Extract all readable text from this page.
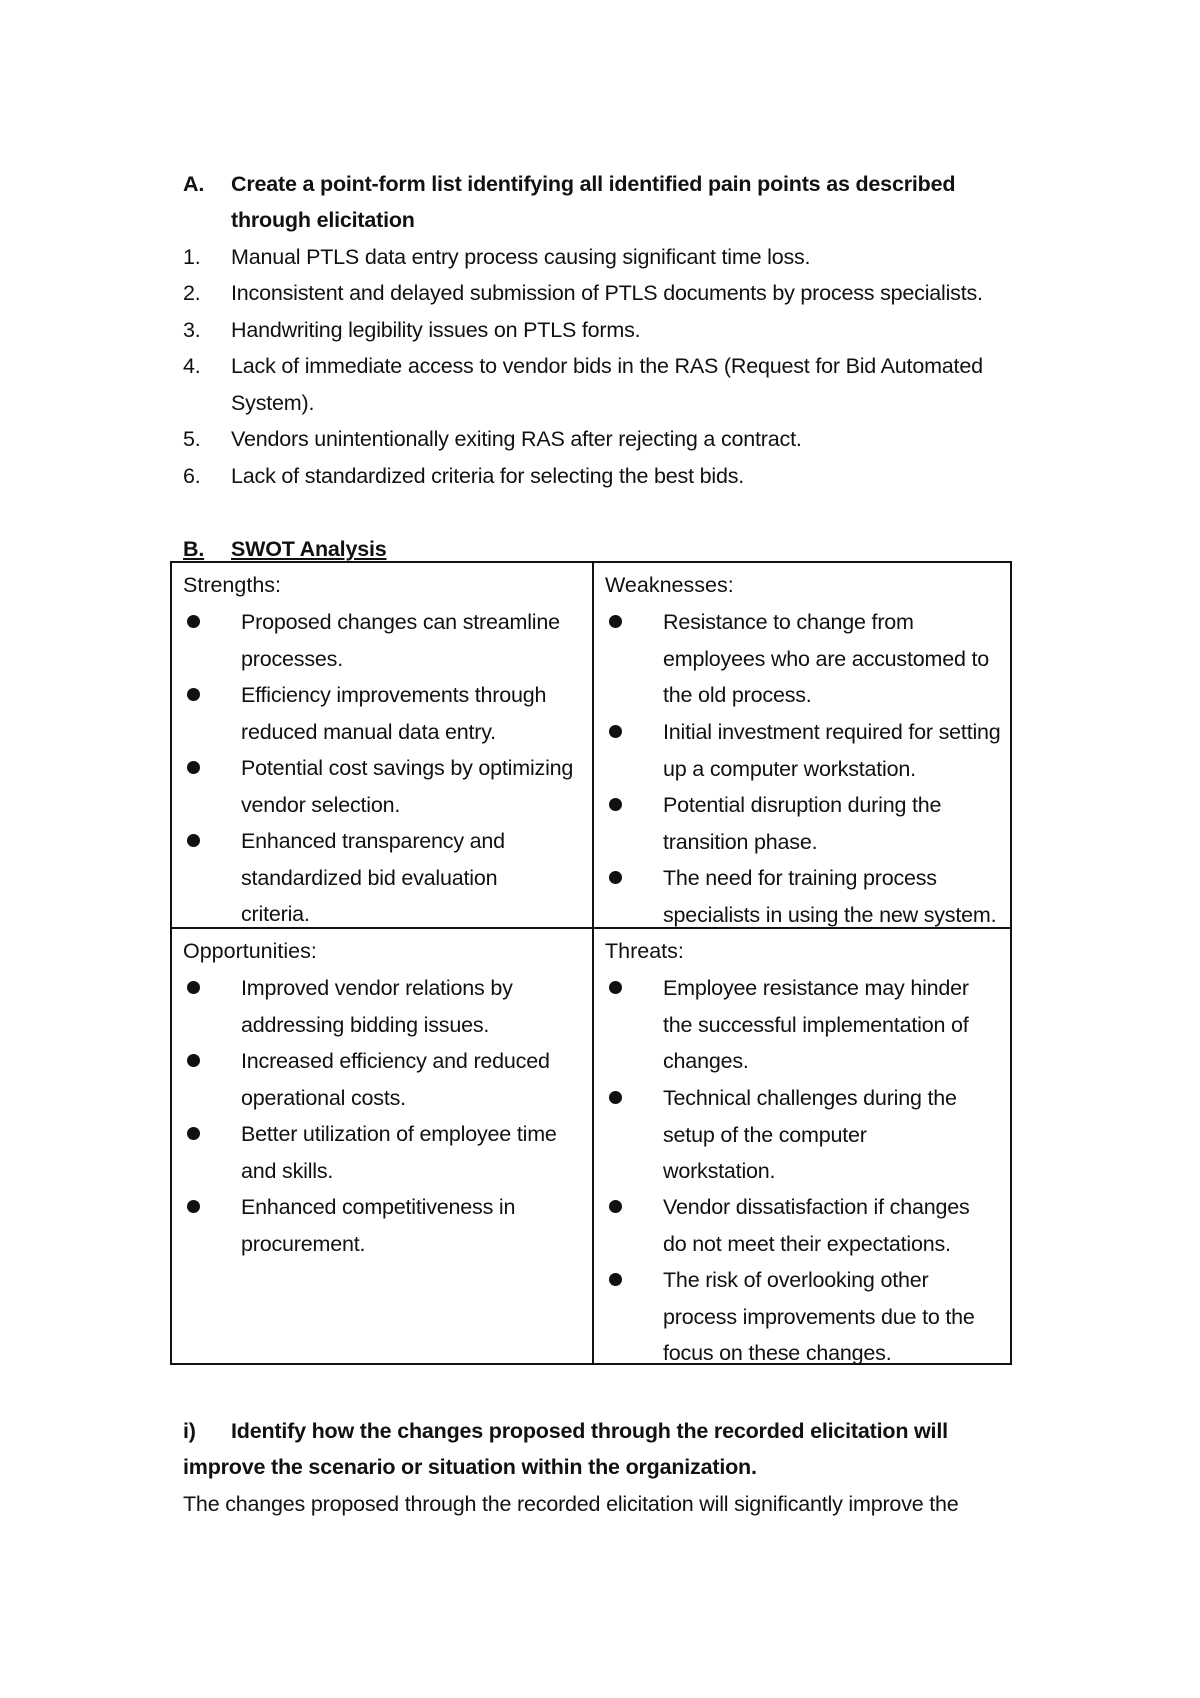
A. Create a point-form list identifying all identified pain points as described
through elicitation
1. Manual PTLS data entry process causing significant time loss.
2. Inconsistent and delayed submission of PTLS documents by process specialists.
3. Handwriting legibility issues on PTLS forms.
4. Lack of immediate access to vendor bids in the RAS (Request for Bid Automated
System).
5. Vendors unintentionally exiting RAS after rejecting a contract.
6. Lack of standardized criteria for selecting the best bids.
B. SWOT Analysis
Strengths:
Proposed changes can streamline processes.
Efficiency improvements through reduced manual data entry.
Potential cost savings by optimizing vendor selection.
Enhanced transparency and standardized bid evaluation criteria.
Weaknesses:
Resistance to change from employees who are accustomed to the old process.
Initial investment required for setting up a computer workstation.
Potential disruption during the transition phase.
The need for training process specialists in using the new system.
Opportunities:
Improved vendor relations by addressing bidding issues.
Increased efficiency and reduced operational costs.
Better utilization of employee time and skills.
Enhanced competitiveness in procurement.
Threats:
Employee resistance may hinder the successful implementation of changes.
Technical challenges during the setup of the computer workstation.
Vendor dissatisfaction if changes do not meet their expectations.
The risk of overlooking other process improvements due to the focus on these changes.
i) Identify how the changes proposed through the recorded elicitation will
improve the scenario or situation within the organization.
The changes proposed through the recorded elicitation will significantly improve the
